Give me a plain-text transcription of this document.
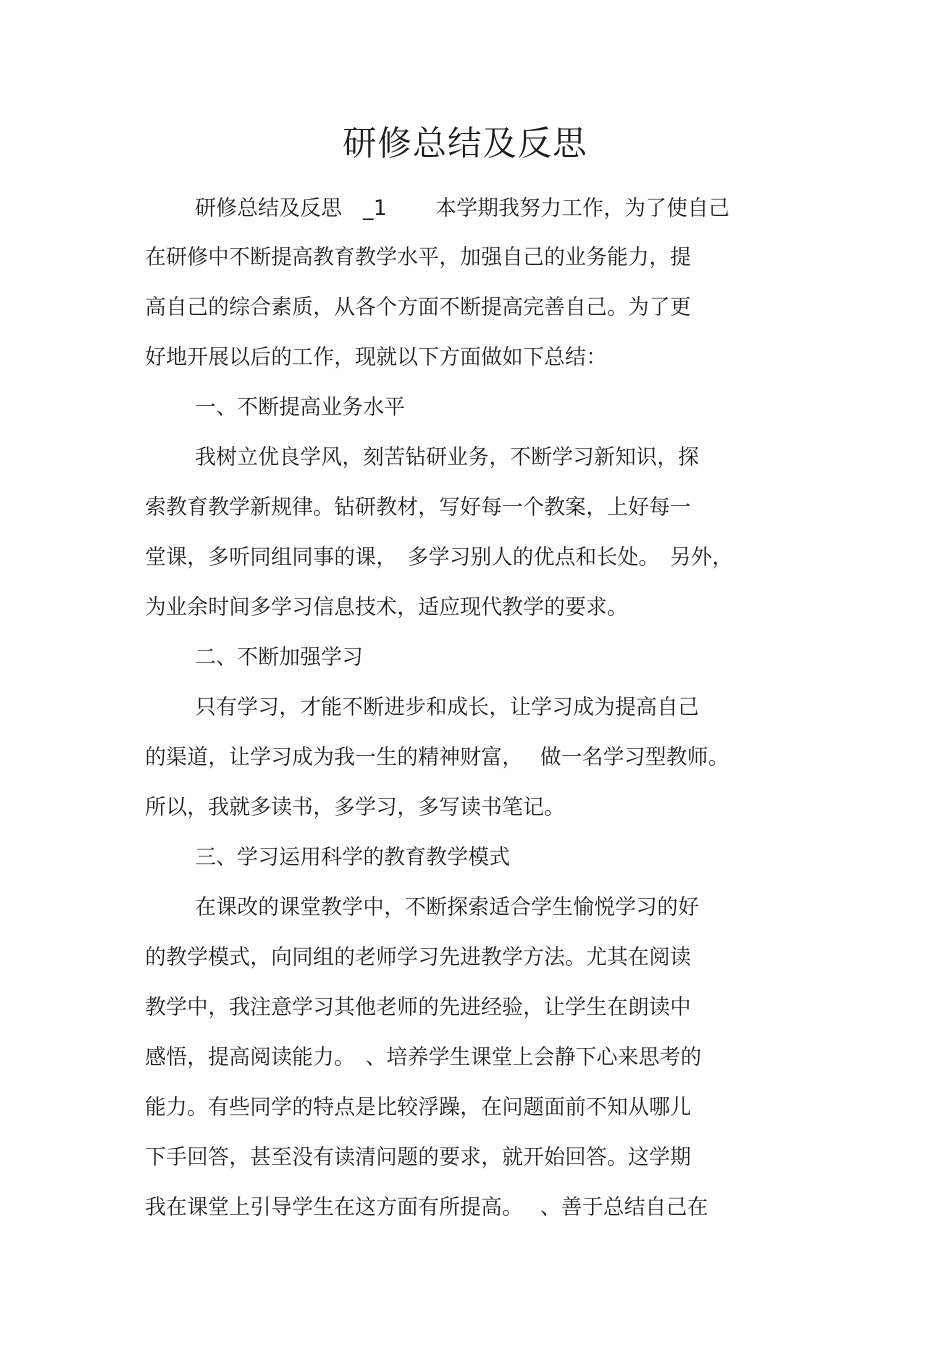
研修总结及反思
研修总结及反思　_1　　 本学期我努力工作，为了使自己
在研修中不断提高教育教学水平，加强自己的业务能力，提
高自己的综合素质，从各个方面不断提高完善自己。为了更
好地开展以后的工作，现就以下方面做如下总结：
一、不断提高业务水平
我树立优良学风，刻苦钻研业务，不断学习新知识，探
索教育教学新规律。钻研教材，写好每一个教案，上好每一
堂课，多听同组同事的课，　多学习别人的优点和长处。　另外，
为业余时间多学习信息技术，适应现代教学的要求。
二、不断加强学习
只有学习，才能不断进步和成长，让学习成为提高自己
的渠道，让学习成为我一生的精神财富，　 做一名学习型教师。
所以，我就多读书，多学习，多写读书笔记。
三、学习运用科学的教育教学模式
在课改的课堂教学中，不断探索适合学生愉悦学习的好
的教学模式，向同组的老师学习先进教学方法。尤其在阅读
教学中，我注意学习其他老师的先进经验，让学生在朗读中
感悟，提高阅读能力。　、培养学生课堂上会静下心来思考的
能力。有些同学的特点是比较浮躁，在问题面前不知从哪儿
下手回答，甚至没有读清问题的要求，就开始回答。这学期
我在课堂上引导学生在这方面有所提高。　 、善于总结自己在
